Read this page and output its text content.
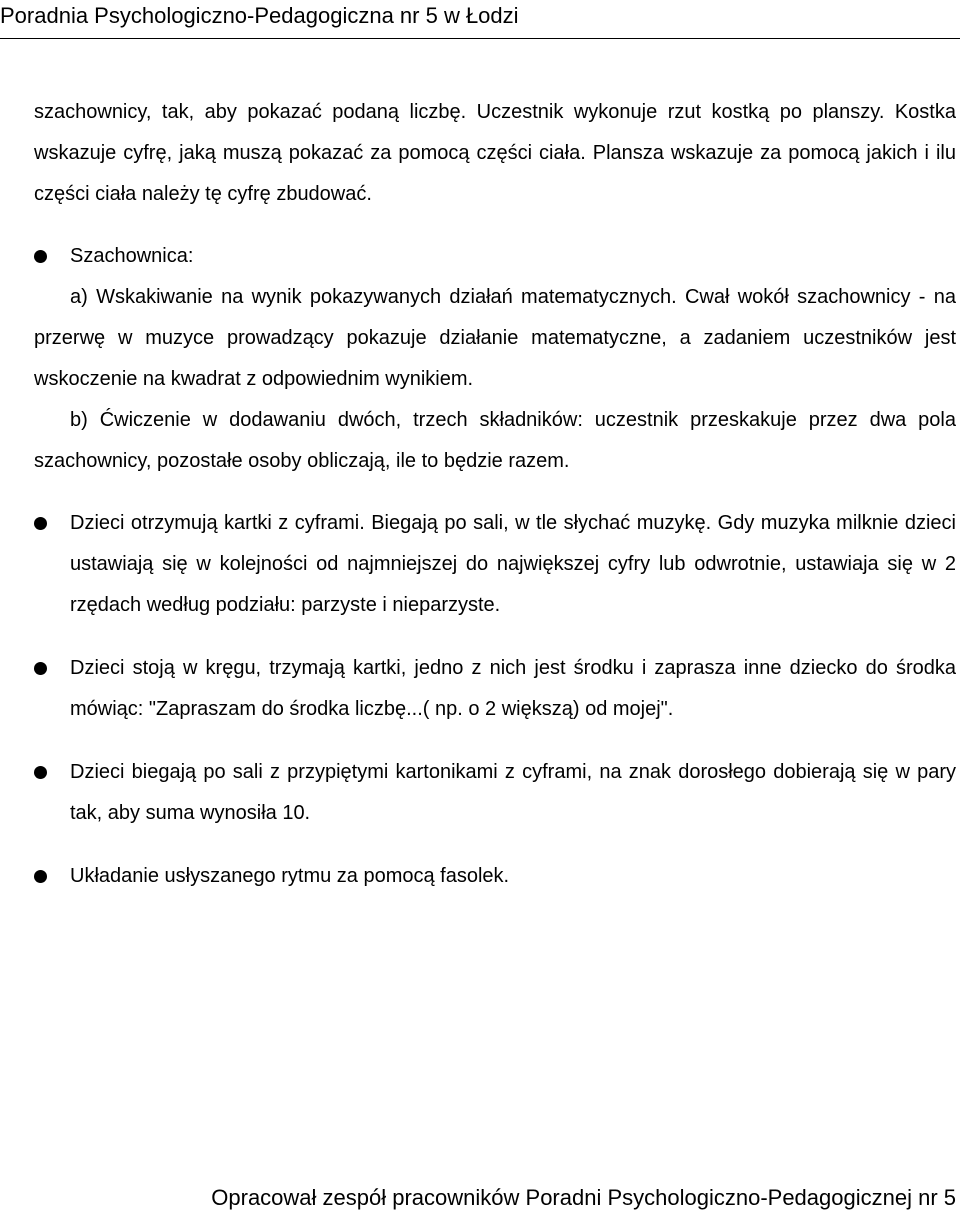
Poradnia Psychologiczno-Pedagogiczna nr 5 w Łodzi

szachownicy, tak, aby pokazać podaną liczbę. Uczestnik wykonuje rzut kostką po planszy. Kostka wskazuje cyfrę, jaką muszą pokazać za pomocą części ciała. Plansza wskazuje za pomocą jakich i ilu części ciała należy tę cyfrę zbudować.

Szachownica:

a) Wskakiwanie na wynik pokazywanych działań matematycznych. Cwał wokół szachownicy - na przerwę w muzyce prowadzący pokazuje działanie matematyczne, a zadaniem uczestników jest wskoczenie na kwadrat z odpowiednim wynikiem.

b) Ćwiczenie w dodawaniu dwóch, trzech składników: uczestnik przeskakuje przez dwa pola szachownicy, pozostałe osoby obliczają, ile to będzie razem.

Dzieci otrzymują kartki z cyframi. Biegają po sali, w tle słychać muzykę. Gdy muzyka milknie dzieci ustawiają się w kolejności od najmniejszej do największej cyfry lub odwrotnie, ustawiaja się w 2 rzędach według podziału: parzyste i nieparzyste.

Dzieci stoją w kręgu, trzymają kartki, jedno z nich jest środku i zaprasza inne dziecko do środka mówiąc: "Zapraszam do środka liczbę...( np. o 2 większą) od mojej".

Dzieci biegają po sali z przypiętymi kartonikami z cyframi, na znak dorosłego dobierają się w pary tak, aby suma wynosiła 10.

Układanie usłyszanego rytmu za pomocą fasolek.

Opracował zespół pracowników Poradni Psychologiczno-Pedagogicznej nr 5
